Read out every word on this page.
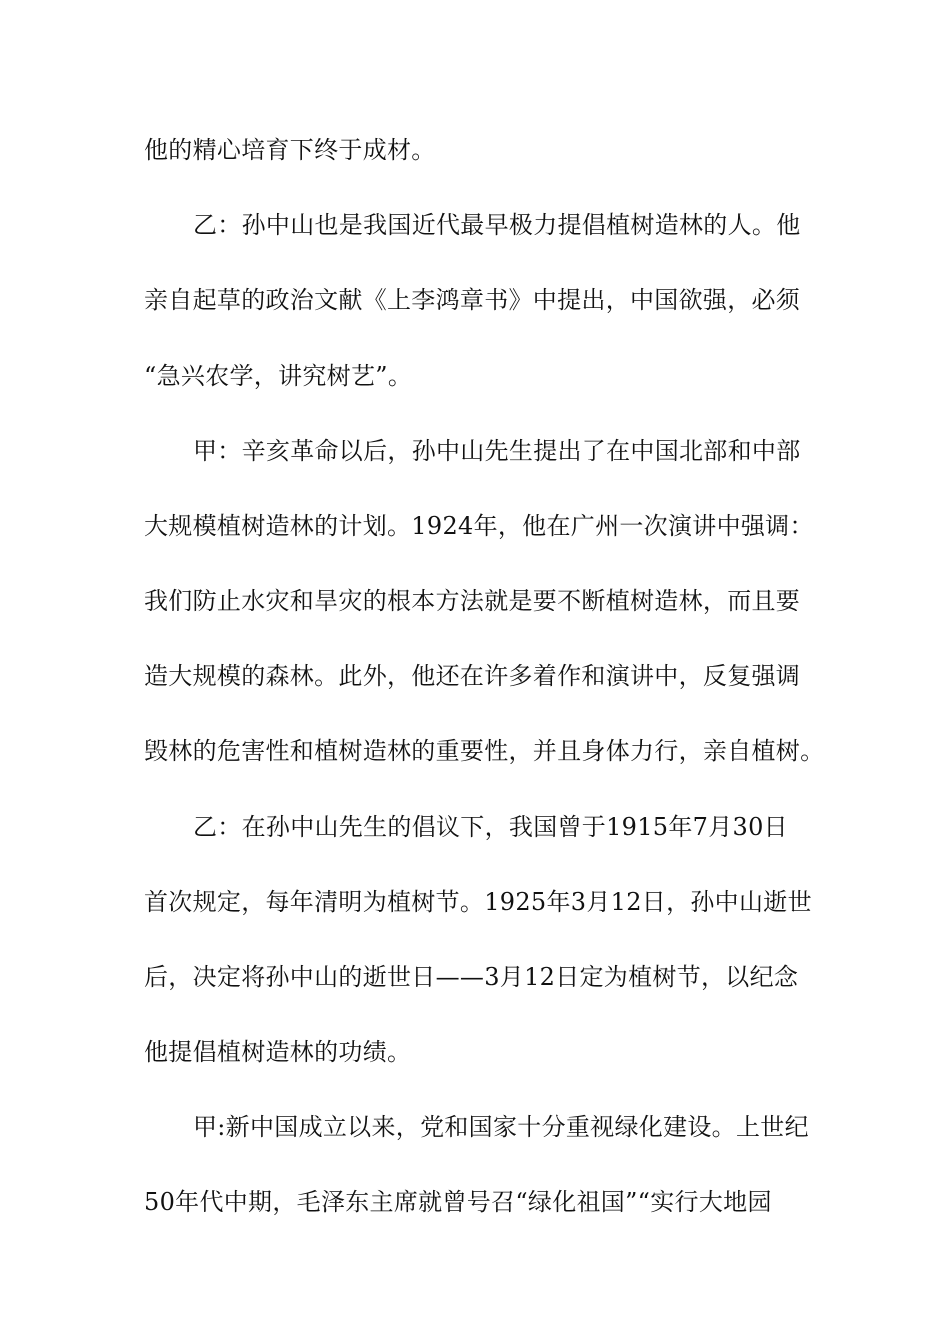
他的精心培育下终于成材。
乙：孙中山也是我国近代最早极力提倡植树造林的人。他
亲自起草的政治文献《上李鸿章书》中提出，中国欲强，必须
“急兴农学，讲究树艺”。
甲：辛亥革命以后，孙中山先生提出了在中国北部和中部
大规模植树造林的计划。1924年，他在广州一次演讲中强调：
我们防止水灾和旱灾的根本方法就是要不断植树造林，而且要
造大规模的森林。此外，他还在许多着作和演讲中，反复强调
毁林的危害性和植树造林的重要性，并且身体力行，亲自植树。
乙：在孙中山先生的倡议下，我国曾于1915年7月30日
首次规定，每年清明为植树节。1925年3月12日，孙中山逝世
后，决定将孙中山的逝世日——3月12日定为植树节，以纪念
他提倡植树造林的功绩。
甲:新中国成立以来，党和国家十分重视绿化建设。上世纪
50年代中期，毛泽东主席就曾号召“绿化祖国”“实行大地园
